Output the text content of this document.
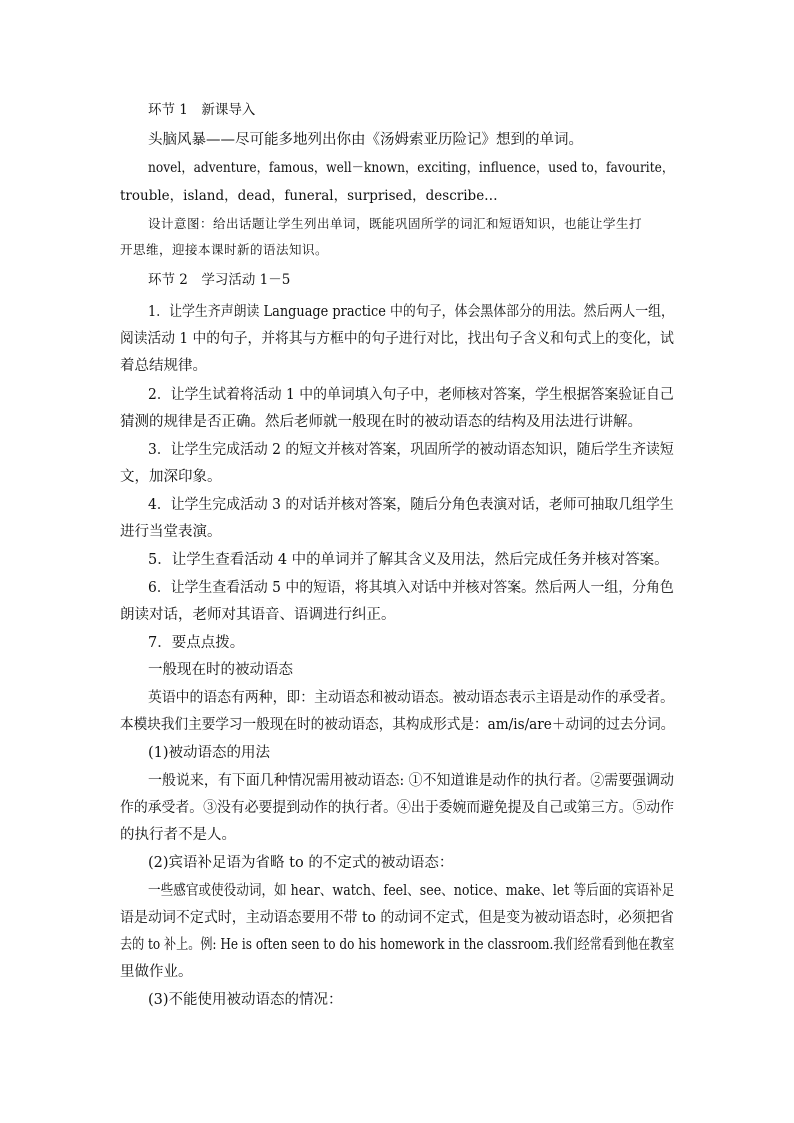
环节 1　新课导入
头脑风暴——尽可能多地列出你由《汤姆索亚历险记》想到的单词。
novel，adventure，famous，well－known，exciting，influence，used to，favourite，
trouble，island，dead，funeral，surprised，describe…
设计意图：给出话题让学生列出单词，既能巩固所学的词汇和短语知识，也能让学生打
开思维，迎接本课时新的语法知识。
环节 2　学习活动 1－5
1．让学生齐声朗读 Language practice 中的句子，体会黑体部分的用法。然后两人一组，
阅读活动 1 中的句子，并将其与方框中的句子进行对比，找出句子含义和句式上的变化，试
着总结规律。
2．让学生试着将活动 1 中的单词填入句子中，老师核对答案，学生根据答案验证自己
猜测的规律是否正确。然后老师就一般现在时的被动语态的结构及用法进行讲解。
3．让学生完成活动 2 的短文并核对答案，巩固所学的被动语态知识，随后学生齐读短
文，加深印象。
4．让学生完成活动 3 的对话并核对答案，随后分角色表演对话，老师可抽取几组学生
进行当堂表演。
5．让学生查看活动 4 中的单词并了解其含义及用法，然后完成任务并核对答案。
6．让学生查看活动 5 中的短语，将其填入对话中并核对答案。然后两人一组，分角色
朗读对话，老师对其语音、语调进行纠正。
7．要点点拨。
一般现在时的被动语态
英语中的语态有两种，即：主动语态和被动语态。被动语态表示主语是动作的承受者。
本模块我们主要学习一般现在时的被动语态，其构成形式是：am/is/are＋动词的过去分词。
(1)被动语态的用法
一般说来，有下面几种情况需用被动语态: ①不知道谁是动作的执行者。②需要强调动
作的承受者。③没有必要提到动作的执行者。④出于委婉而避免提及自己或第三方。⑤动作
的执行者不是人。
(2)宾语补足语为省略 to 的不定式的被动语态：
一些感官或使役动词，如 hear、watch、feel、see、notice、make、let 等后面的宾语补足
语是动词不定式时，主动语态要用不带 to 的动词不定式，但是变为被动语态时，必须把省
去的 to 补上。例: He is often seen to do his homework in the classroom.我们经常看到他在教室
里做作业。
(3)不能使用被动语态的情况：
